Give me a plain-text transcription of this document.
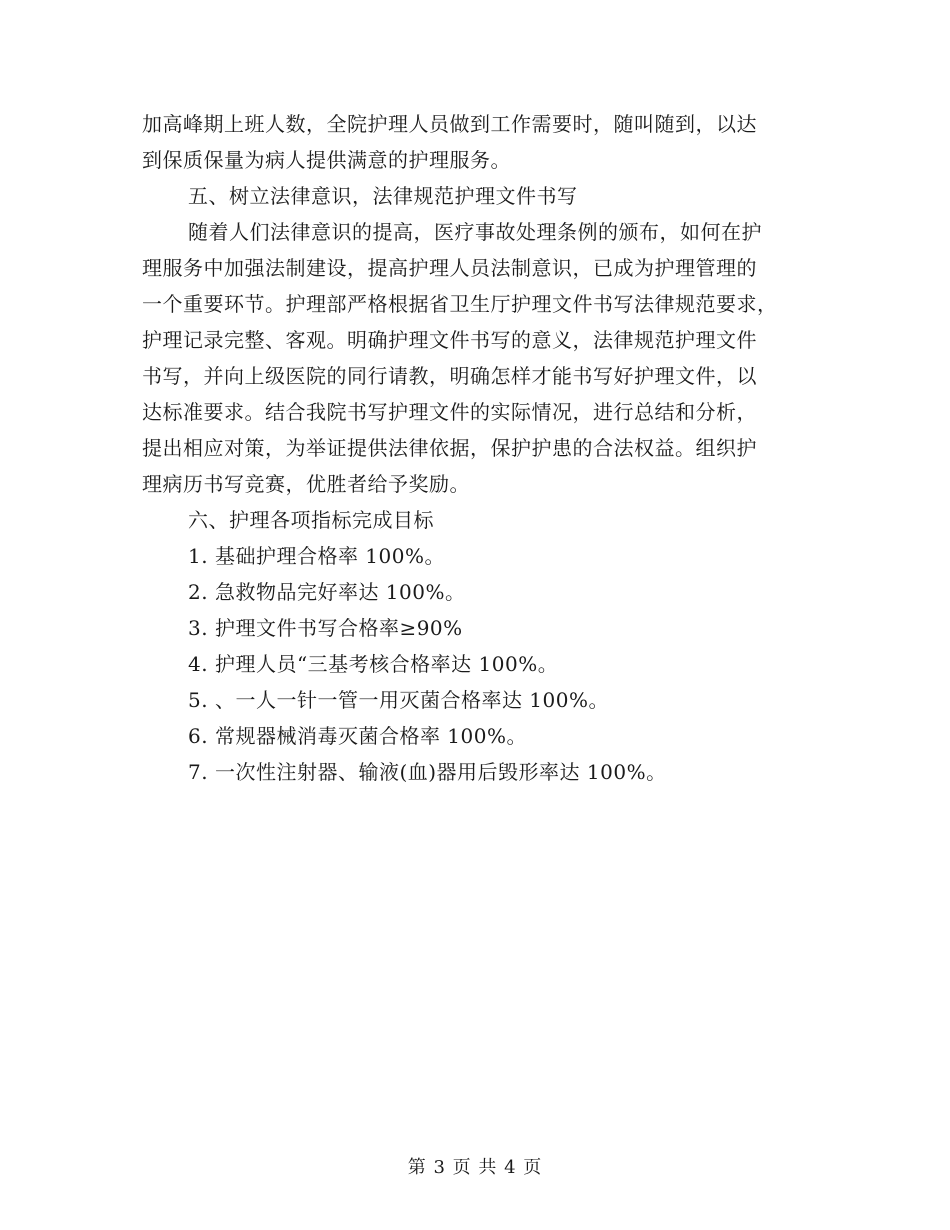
加高峰期上班人数，全院护理人员做到工作需要时，随叫随到，以达
到保质保量为病人提供满意的护理服务。
五、树立法律意识，法律规范护理文件书写
随着人们法律意识的提高，医疗事故处理条例的颁布，如何在护
理服务中加强法制建设，提高护理人员法制意识，已成为护理管理的
一个重要环节。护理部严格根据省卫生厅护理文件书写法律规范要求，
护理记录完整、客观。明确护理文件书写的意义，法律规范护理文件
书写，并向上级医院的同行请教，明确怎样才能书写好护理文件，以
达标准要求。结合我院书写护理文件的实际情况，进行总结和分析，
提出相应对策，为举证提供法律依据，保护护患的合法权益。组织护
理病历书写竞赛，优胜者给予奖励。
六、护理各项指标完成目标
1. 基础护理合格率 100%。
2. 急救物品完好率达 100%。
3. 护理文件书写合格率≥90%
4. 护理人员“三基考核合格率达 100%。
5. 、一人一针一管一用灭菌合格率达 100%。
6. 常规器械消毒灭菌合格率 100%。
7. 一次性注射器、输液(血)器用后毁形率达 100%。
第 3 页 共 4 页
